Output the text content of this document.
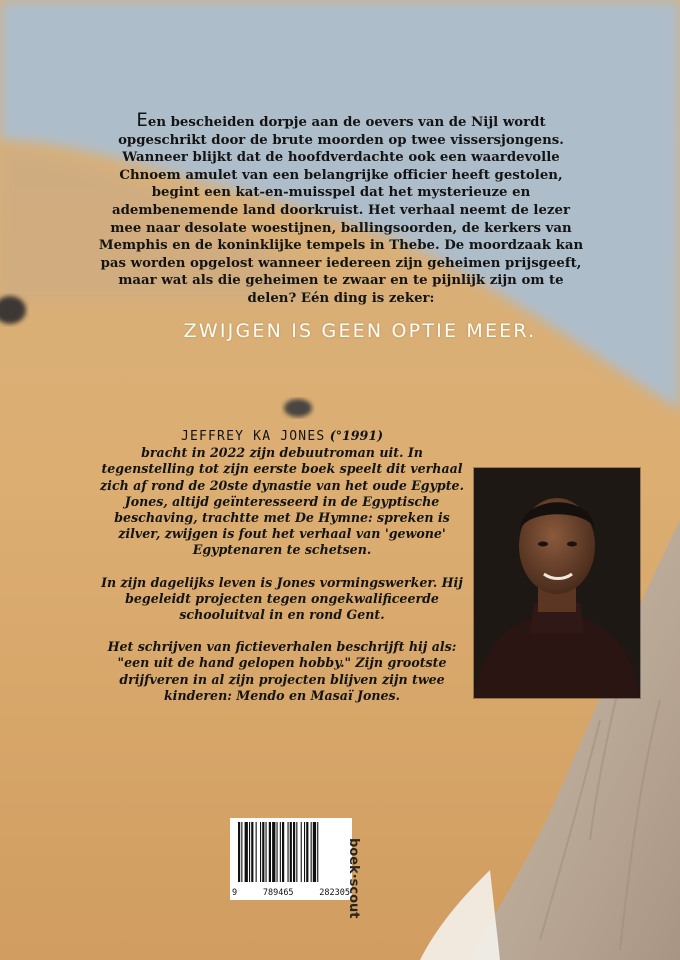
Een bescheiden dorpje aan de oevers van de Nijl wordt opgeschrikt door de brute moorden op twee vissersjongens. Wanneer blijkt dat de hoofdverdachte ook een waardevolle Chnoem amulet van een belangrijke officier heeft gestolen, begint een kat-en-muisspel dat het mysterieuze en adembenemende land doorkruist. Het verhaal neemt de lezer mee naar desolate woestijnen, ballingsoorden, de kerkers van Memphis en de koninklijke tempels in Thebe. De moordzaak kan pas worden opgelost wanneer iedereen zijn geheimen prijsgeeft, maar wat als die geheimen te zwaar en te pijnlijk zijn om te delen? Eén ding is zeker:

ZWIJGEN IS GEEN OPTIE MEER.

JEFFREY KA JONES (°1991)
bracht in 2022 zijn debuutroman uit. In tegenstelling tot zijn eerste boek speelt dit verhaal zich af rond de 20ste dynastie van het oude Egypte. Jones, altijd geïnteresseerd in de Egyptische beschaving, trachtte met De Hymne: spreken is zilver, zwijgen is fout het verhaal van 'gewone' Egyptenaren te schetsen.

In zijn dagelijks leven is Jones vormingswerker. Hij begeleidt projecten tegen ongekwalificeerde schooluitval in en rond Gent.

Het schrijven van fictieverhalen beschrijft hij als: "een uit de hand gelopen hobby." Zijn grootste drijfveren in al zijn projecten blijven zijn twee kinderen: Mendo en Masaï Jones.

9	789465	282305
boek·scout
